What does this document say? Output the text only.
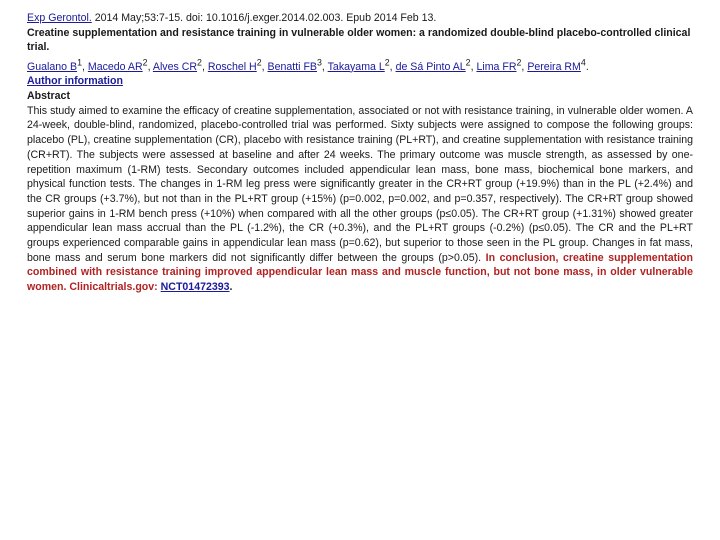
Exp Gerontol. 2014 May;53:7-15. doi: 10.1016/j.exger.2014.02.003. Epub 2014 Feb 13.
Creatine supplementation and resistance training in vulnerable older women: a randomized double-blind placebo-controlled clinical trial.
Gualano $B^1$, Macedo $AR^2$, Alves $CR^2$, Roschel $H^2$, Benatti $FB^3$, Takayama $L^2$, de Sá Pinto $AL^2$, Lima $FR^2$, Pereira $RM^4$.
Author information
Abstract
This study aimed to examine the efficacy of creatine supplementation, associated or not with resistance training, in vulnerable older women. A 24-week, double-blind, randomized, placebo-controlled trial was performed. Sixty subjects were assigned to compose the following groups: placebo (PL), creatine supplementation (CR), placebo with resistance training (PL+RT), and creatine supplementation with resistance training (CR+RT). The subjects were assessed at baseline and after 24 weeks. The primary outcome was muscle strength, as assessed by one-repetition maximum (1-RM) tests. Secondary outcomes included appendicular lean mass, bone mass, biochemical bone markers, and physical function tests. The changes in 1-RM leg press were significantly greater in the CR+RT group (+19.9%) than in the PL (+2.4%) and the CR groups (+3.7%), but not than in the PL+RT group (+15%) (p=0.002, p=0.002, and p=0.357, respectively). The CR+RT group showed superior gains in 1-RM bench press (+10%) when compared with all the other groups (p≤0.05). The CR+RT group (+1.31%) showed greater appendicular lean mass accrual than the PL (-1.2%), the CR (+0.3%), and the PL+RT groups (-0.2%) (p≤0.05). The CR and the PL+RT groups experienced comparable gains in appendicular lean mass (p=0.62), but superior to those seen in the PL group. Changes in fat mass, bone mass and serum bone markers did not significantly differ between the groups (p>0.05). In conclusion, creatine supplementation combined with resistance training improved appendicular lean mass and muscle function, but not bone mass, in older vulnerable women. Clinicaltrials.gov: NCT01472393.
